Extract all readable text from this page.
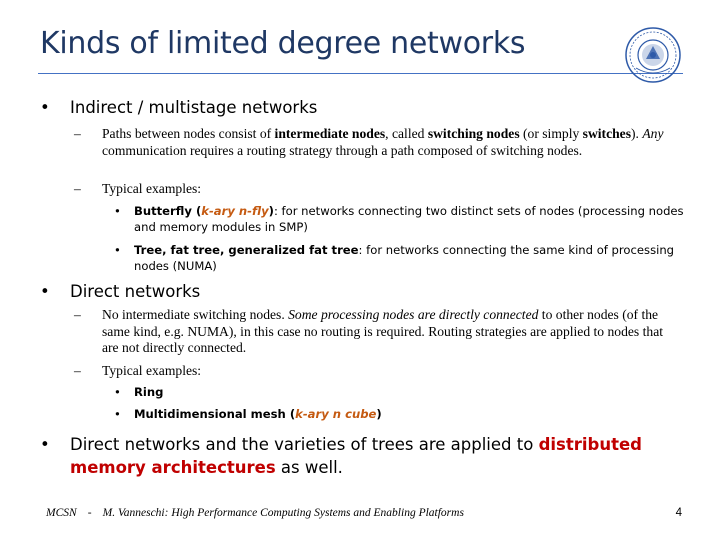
Kinds of limited degree networks
• Indirect / multistage networks
– Paths between nodes consist of intermediate nodes, called switching nodes (or simply switches). Any communication requires a routing strategy through a path composed of switching nodes.
– Typical examples:
• Butterfly (k-ary n-fly): for networks connecting two distinct sets of nodes (processing nodes and memory modules in SMP)
• Tree, fat tree, generalized fat tree: for networks connecting the same kind of processing nodes (NUMA)
• Direct networks
– No intermediate switching nodes. Some processing nodes are directly connected to other nodes (of the same kind, e.g. NUMA), in this case no routing is required. Routing strategies are applied to nodes that are not directly connected.
– Typical examples:
• Ring
• Multidimensional mesh (k-ary n cube)
• Direct networks and the varieties of trees are applied to distributed memory architectures as well.
MCSN - M. Vanneschi: High Performance Computing Systems and Enabling Platforms	4
